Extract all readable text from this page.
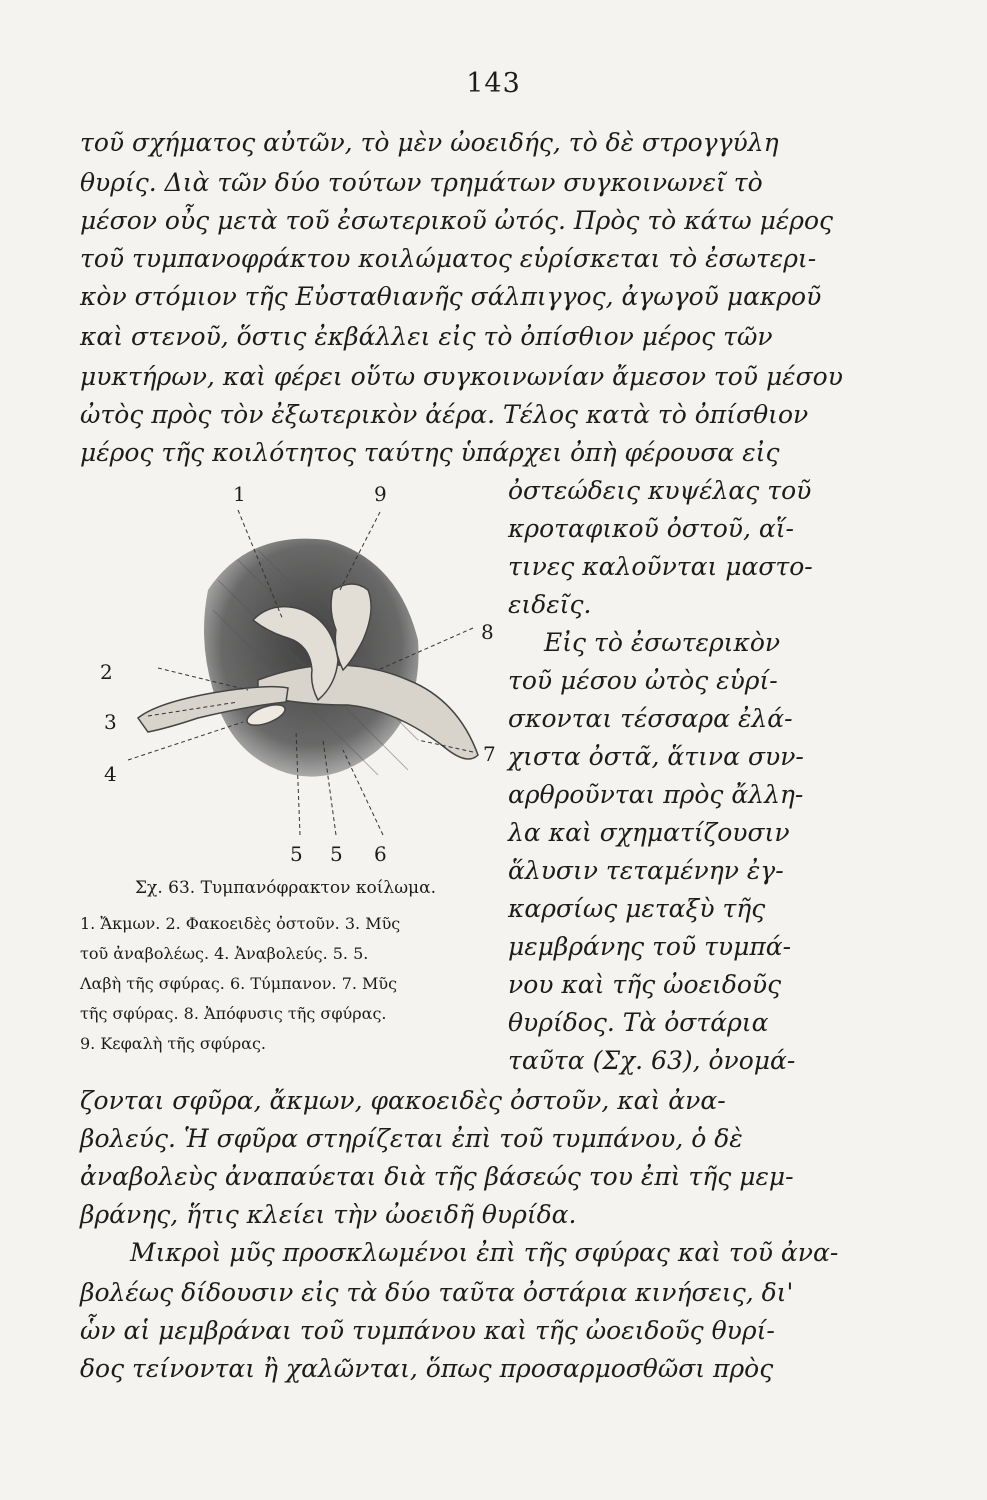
143
τοῦ σχήματος αὐτῶν, τὸ μὲν ὠοειδής, τὸ δὲ στρογγύλη
θυρίς. Διὰ τῶν δύο τούτων τρημάτων συγκοινωνεῖ τὸ
μέσον οὖς μετὰ τοῦ ἐσωτερικοῦ ὠτός. Πρὸς τὸ κάτω μέρος
τοῦ τυμπανοφράκτου κοιλώματος εὑρίσκεται τὸ ἐσωτερι-
κὸν στόμιον τῆς Εὐσταθιανῆς σάλπιγγος, ἀγωγοῦ μακροῦ
καὶ στενοῦ, ὅστις ἐκβάλλει εἰς τὸ ὀπίσθιον μέρος τῶν
μυκτήρων, καὶ φέρει οὕτω συγκοινωνίαν ἄμεσον τοῦ μέσου
ὠτὸς πρὸς τὸν ἐξωτερικὸν ἀέρα. Τέλος κατὰ τὸ ὀπίσθιον
μέρος τῆς κοιλότητος ταύτης ὑπάρχει ὀπὴ φέρουσα εἰς
ὀστεώδεις κυψέλας τοῦ
κροταφικοῦ ὀστοῦ, αἵ-
τινες καλοῦνται μαστο-
ειδεῖς.
Εἰς τὸ ἐσωτερικὸν
τοῦ μέσου ὠτὸς εὑρί-
σκονται τέσσαρα ἐλά-
χιστα ὀστᾶ, ἅτινα συν-
αρθροῦνται πρὸς ἄλλη-
λα καὶ σχηματίζουσιν
ἅλυσιν τεταμένην ἐγ-
καρσίως μεταξὺ τῆς
μεμβράνης τοῦ τυμπά-
νου καὶ τῆς ὠοειδοῦς
θυρίδος. Τὰ ὀστάρια
ταῦτα (Σχ. 63), ὀνομά-
1	9
8
2
3
7
4
5 5 6
Σχ. 63. Τυμπανόφρακτον κοίλωμα.
1. Ἄκμων. 2. Φακοειδὲς ὀστοῦν. 3. Μῦς
τοῦ ἀναβολέως. 4. Ἀναβολεύς. 5. 5.
Λαβὴ τῆς σφύρας. 6. Τύμπανον. 7. Μῦς
τῆς σφύρας. 8. Ἀπόφυσις τῆς σφύρας.
9. Κεφαλὴ τῆς σφύρας.
ζονται σφῦρα, ἄκμων, φακοειδὲς ὀστοῦν, καὶ ἀνα-
βολεύς. Ἡ σφῦρα στηρίζεται ἐπὶ τοῦ τυμπάνου, ὁ δὲ
ἀναβολεὺς ἀναπαύεται διὰ τῆς βάσεώς του ἐπὶ τῆς μεμ-
βράνης, ἥτις κλείει τὴν ὠοειδῆ θυρίδα.
Μικροὶ μῦς προσκλωμένοι ἐπὶ τῆς σφύρας καὶ τοῦ ἀνα-
βολέως δίδουσιν εἰς τὰ δύο ταῦτα ὀστάρια κινήσεις, δι'
ὧν αἱ μεμβράναι τοῦ τυμπάνου καὶ τῆς ὠοειδοῦς θυρί-
δος τείνονται ἢ χαλῶνται, ὅπως προσαρμοσθῶσι πρὸς
